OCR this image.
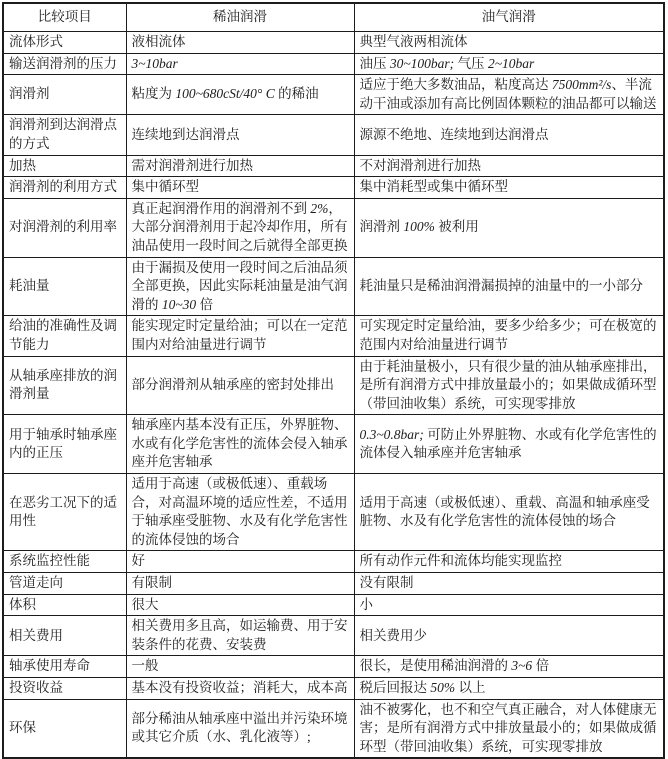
比较项目	稀油润滑	油气润滑
流体形式	液相流体	典型气液两相流体
输送润滑剂的压力	3~10bar	油压 30~100bar; 气压 2~10bar
润滑剂	粘度为 100~680cSt/40° C 的稀油	适应于绝大多数油品，粘度高达 7500mm²/s、半流动干油或添加有高比例固体颗粒的油品都可以输送
润滑剂到达润滑点的方式	连续地到达润滑点	源源不绝地、连续地到达润滑点
加热	需对润滑剂进行加热	不对润滑剂进行加热
润滑剂的利用方式	集中循环型	集中消耗型或集中循环型
对润滑剂的利用率	真正起润滑作用的润滑剂不到 2%，大部分润滑剂用于起冷却作用，所有油品使用一段时间之后就得全部更换	润滑剂 100% 被利用
耗油量	由于漏损及使用一段时间之后油品须全部更换，因此实际耗油量是油气润滑的 10~30 倍	耗油量只是稀油润滑漏损掉的油量中的一小部分
给油的准确性及调节能力	能实现定时定量给油；可以在一定范围内对给油量进行调节	可实现定时定量给油，要多少给多少；可在极宽的范围内对给油量进行调节
从轴承座排放的润滑剂量	部分润滑剂从轴承座的密封处排出	由于耗油量极小，只有很少量的油从轴承座排出，是所有润滑方式中排放量最小的；如果做成循环型（带回油收集）系统，可实现零排放
用于轴承时轴承座内的正压	轴承座内基本没有正压，外界脏物、水或有化学危害性的流体会侵入轴承座并危害轴承	0.3~0.8bar; 可防止外界脏物、水或有化学危害性的流体侵入轴承座并危害轴承
在恶劣工况下的适用性	适用于高速（或极低速）、重载场合，对高温环境的适应性差，不适用于轴承座受脏物、水及有化学危害性的流体侵蚀的场合	适用于高速（或极低速）、重载、高温和轴承座受脏物、水及有化学危害性的流体侵蚀的场合
系统监控性能	好	所有动作元件和流体均能实现监控
管道走向	有限制	没有限制
体积	很大	小
相关费用	相关费用多且高，如运输费、用于安装条件的花费、安装费	相关费用少
轴承使用寿命	一般	很长，是使用稀油润滑的 3~6 倍
投资收益	基本没有投资收益；消耗大，成本高	税后回报达 50% 以上
环保	部分稀油从轴承座中溢出并污染环境或其它介质（水、乳化液等）;	油不被雾化，也不和空气真正融合，对人体健康无害；是所有润滑方式中排放量最小的；如果做成循环型（带回油收集）系统，可实现零排放
